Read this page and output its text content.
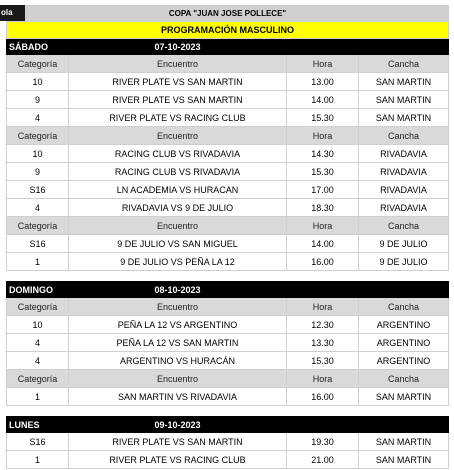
COPA "JUAN JOSE POLLECE"			
PROGRAMACIÓN MASCULINO			
SÁBADO	07-10-2023		
Categoría	Encuentro	Hora	Cancha
10	RIVER PLATE VS SAN MARTIN	13.00	SAN MARTIN
9	RIVER PLATE VS SAN MARTIN	14.00	SAN MARTIN
4	RIVER PLATE VS RACING CLUB	15.30	SAN MARTIN
Categoría	Encuentro	Hora	Cancha
10	RACING CLUB VS RIVADAVIA	14.30	RIVADAVIA
9	RACING CLUB VS RIVADAVIA	15.30	RIVADAVIA
S16	LN ACADEMIA VS HURACAN	17.00	RIVADAVIA
4	RIVADAVIA VS 9 DE JULIO	18.30	RIVADAVIA
Categoría	Encuentro	Hora	Cancha
S16	9 DE JULIO VS SAN MIGUEL	14.00	9 DE JULIO
1	9 DE JULIO VS PEÑA LA 12	16.00	9 DE JULIO

DOMINGO	08-10-2023		
Categoría	Encuentro	Hora	Cancha
10	PEÑA LA 12 VS ARGENTINO	12.30	ARGENTINO
4	PEÑA LA 12 VS SAN MARTIN	13.30	ARGENTINO
4	ARGENTINO VS HURACÁN	15.30	ARGENTINO
Categoría	Encuentro	Hora	Cancha
1	SAN MARTIN VS RIVADAVIA	16.00	SAN MARTIN

LUNES	09-10-2023		
S16	RIVER PLATE VS SAN MARTIN	19.30	SAN MARTIN
1	RIVER PLATE VS RACING CLUB	21.00	SAN MARTIN
ola
